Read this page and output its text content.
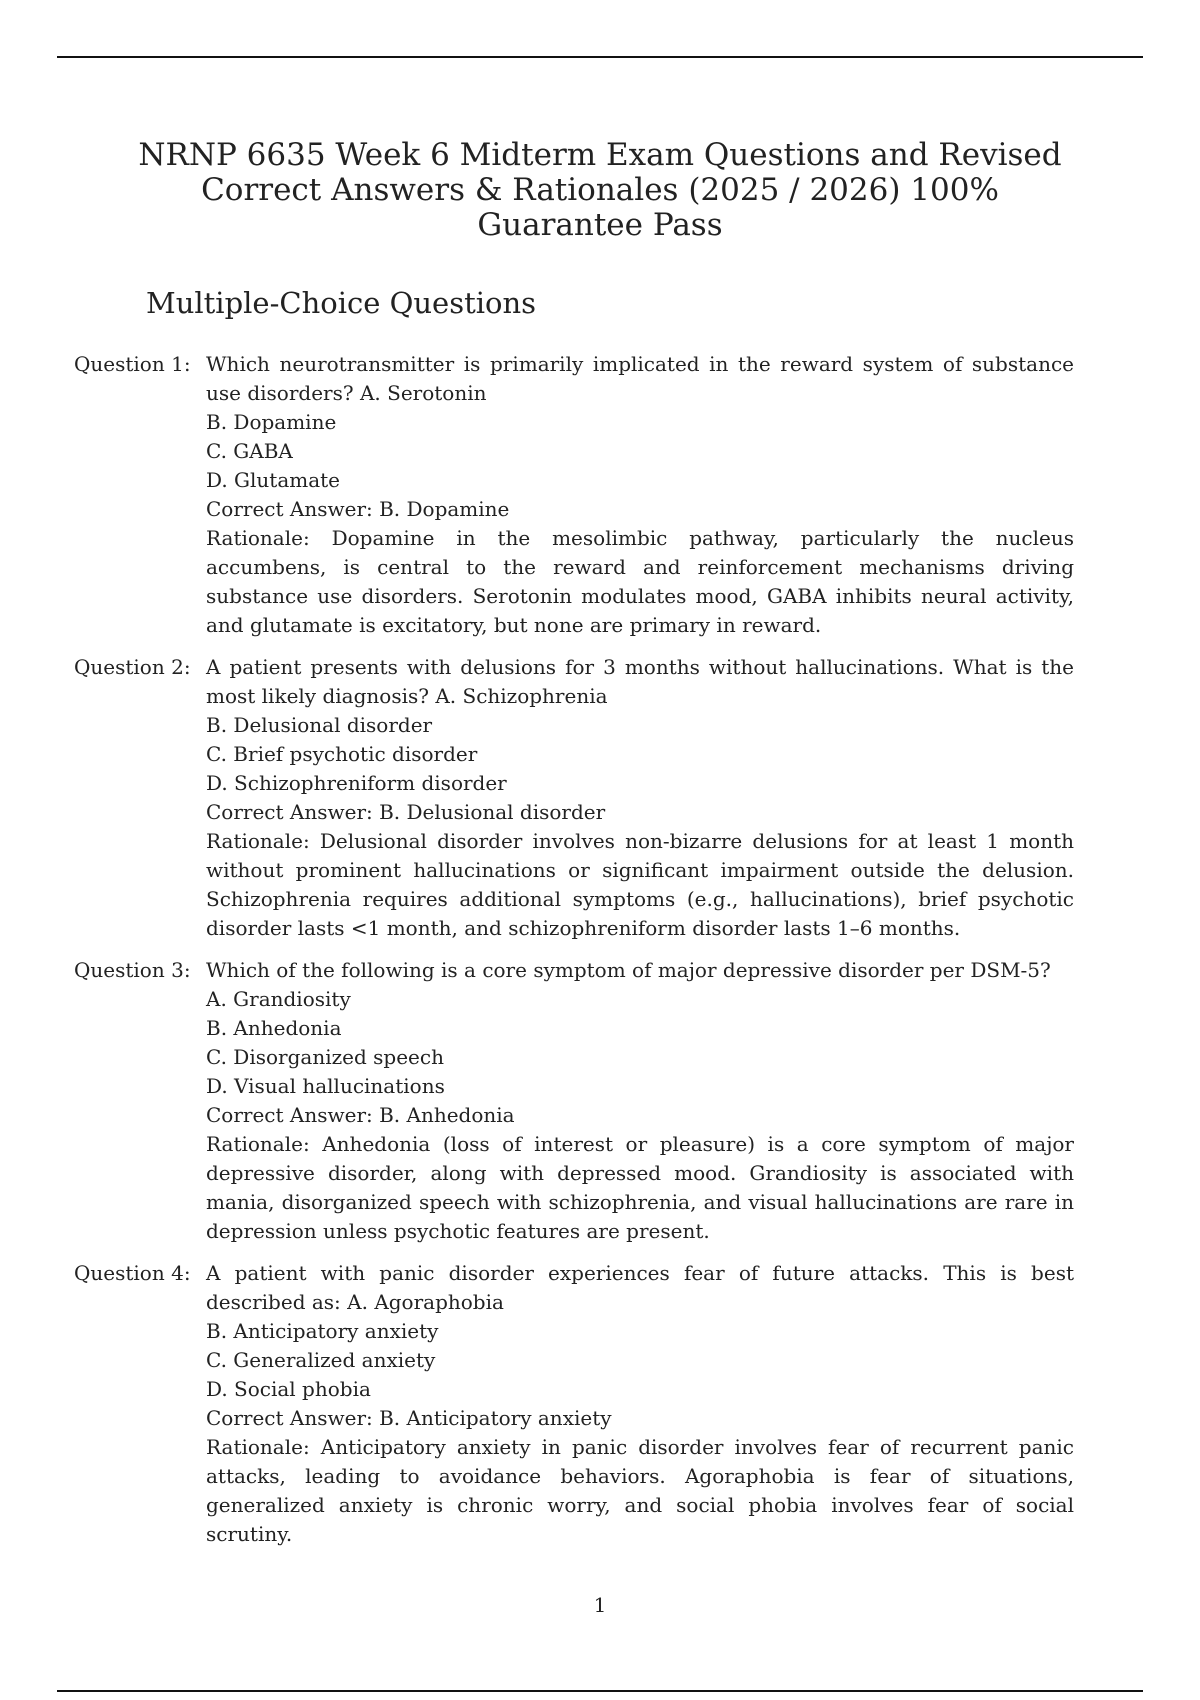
NRNP 6635 Week 6 Midterm Exam Questions and Revised Correct Answers & Rationales (2025 / 2026) 100% Guarantee Pass
Multiple-Choice Questions
Question 1: Which neurotransmitter is primarily implicated in the reward system of substance use disorders? A. Serotonin
B. Dopamine
C. GABA
D. Glutamate
Correct Answer: B. Dopamine
Rationale: Dopamine in the mesolimbic pathway, particularly the nucleus accumbens, is central to the reward and reinforcement mechanisms driving substance use disorders. Serotonin modulates mood, GABA inhibits neural activity, and glutamate is excitatory, but none are primary in reward.
Question 2: A patient presents with delusions for 3 months without hallucinations. What is the most likely diagnosis? A. Schizophrenia
B. Delusional disorder
C. Brief psychotic disorder
D. Schizophreniform disorder
Correct Answer: B. Delusional disorder
Rationale: Delusional disorder involves non-bizarre delusions for at least 1 month without prominent hallucinations or significant impairment outside the delusion. Schizophrenia requires additional symptoms (e.g., hallucinations), brief psychotic disorder lasts <1 month, and schizophreniform disorder lasts 1–6 months.
Question 3: Which of the following is a core symptom of major depressive disorder per DSM-5?
A. Grandiosity
B. Anhedonia
C. Disorganized speech
D. Visual hallucinations
Correct Answer: B. Anhedonia
Rationale: Anhedonia (loss of interest or pleasure) is a core symptom of major depressive disorder, along with depressed mood. Grandiosity is associated with mania, disorganized speech with schizophrenia, and visual hallucinations are rare in depression unless psychotic features are present.
Question 4: A patient with panic disorder experiences fear of future attacks. This is best described as: A. Agoraphobia
B. Anticipatory anxiety
C. Generalized anxiety
D. Social phobia
Correct Answer: B. Anticipatory anxiety
Rationale: Anticipatory anxiety in panic disorder involves fear of recurrent panic attacks, leading to avoidance behaviors. Agoraphobia is fear of situations, generalized anxiety is chronic worry, and social phobia involves fear of social scrutiny.
1
